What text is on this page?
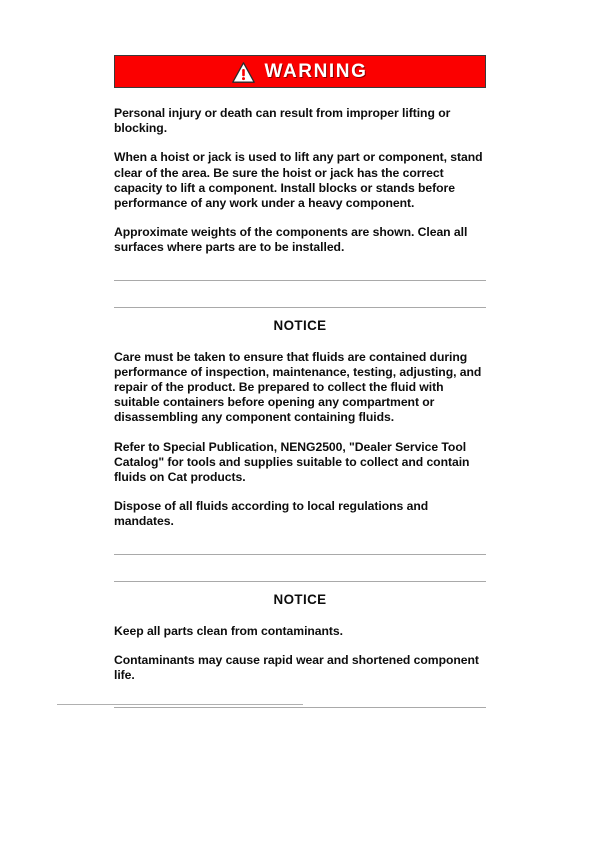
WARNING

Personal injury or death can result from improper lifting or blocking.

When a hoist or jack is used to lift any part or component, stand clear of the area. Be sure the hoist or jack has the correct capacity to lift a component. Install blocks or stands before performance of any work under a heavy component.

Approximate weights of the components are shown. Clean all surfaces where parts are to be installed.

NOTICE

Care must be taken to ensure that fluids are contained during performance of inspection, maintenance, testing, adjusting, and repair of the product. Be prepared to collect the fluid with suitable containers before opening any compartment or disassembling any component containing fluids.

Refer to Special Publication, NENG2500, "Dealer Service Tool Catalog" for tools and supplies suitable to collect and contain fluids on Cat products.

Dispose of all fluids according to local regulations and mandates.

NOTICE

Keep all parts clean from contaminants.

Contaminants may cause rapid wear and shortened component life.
